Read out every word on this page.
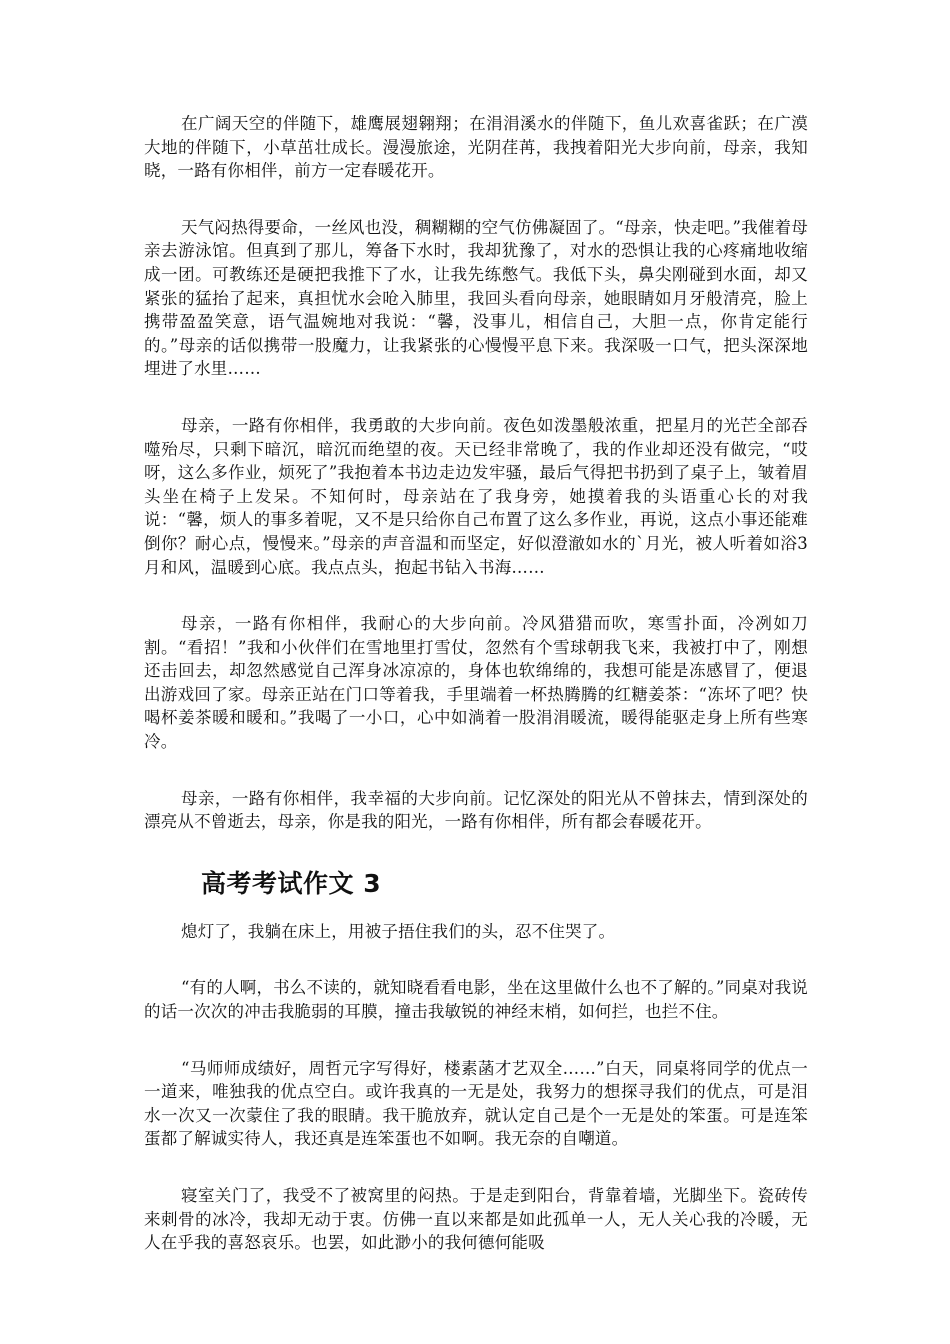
在广阔天空的伴随下，雄鹰展翅翱翔；在涓涓溪水的伴随下，鱼儿欢喜雀跃；在广漠大地的伴随下，小草茁壮成长。漫漫旅途，光阴荏苒，我拽着阳光大步向前，母亲，我知晓，一路有你相伴，前方一定春暖花开。

天气闷热得要命，一丝风也没，稠糊糊的空气仿佛凝固了。“母亲，快走吧。”我催着母亲去游泳馆。但真到了那儿，筹备下水时，我却犹豫了，对水的恐惧让我的心疼痛地收缩成一团。可教练还是硬把我推下了水，让我先练憋气。我低下头，鼻尖刚碰到水面，却又紧张的猛抬了起来，真担忧水会呛入肺里，我回头看向母亲，她眼睛如月牙般清亮，脸上携带盈盈笑意，语气温婉地对我说：“馨，没事儿，相信自己，大胆一点，你肯定能行的。”母亲的话似携带一股魔力，让我紧张的心慢慢平息下来。我深吸一口气，把头深深地埋进了水里……

母亲，一路有你相伴，我勇敢的大步向前。夜色如泼墨般浓重，把星月的光芒全部吞噬殆尽，只剩下暗沉，暗沉而绝望的夜。天已经非常晚了，我的作业却还没有做完，“哎呀，这么多作业，烦死了”我抱着本书边走边发牢骚，最后气得把书扔到了桌子上，皱着眉头坐在椅子上发呆。不知何时，母亲站在了我身旁，她摸着我的头语重心长的对我说：“馨，烦人的事多着呢，又不是只给你自己布置了这么多作业，再说，这点小事还能难倒你？耐心点，慢慢来。”母亲的声音温和而坚定，好似澄澈如水的`月光，被人听着如浴3月和风，温暖到心底。我点点头，抱起书钻入书海……

母亲，一路有你相伴，我耐心的大步向前。冷风猎猎而吹，寒雪扑面，冷冽如刀割。“看招！”我和小伙伴们在雪地里打雪仗，忽然有个雪球朝我飞来，我被打中了，刚想还击回去，却忽然感觉自己浑身冰凉凉的，身体也软绵绵的，我想可能是冻感冒了，便退出游戏回了家。母亲正站在门口等着我，手里端着一杯热腾腾的红糖姜茶：“冻坏了吧？快喝杯姜茶暖和暖和。”我喝了一小口，心中如淌着一股涓涓暖流，暖得能驱走身上所有些寒冷。

母亲，一路有你相伴，我幸福的大步向前。记忆深处的阳光从不曾抹去，情到深处的漂亮从不曾逝去，母亲，你是我的阳光，一路有你相伴，所有都会春暖花开。

高考考试作文 3

熄灯了，我躺在床上，用被子捂住我们的头，忍不住哭了。

“有的人啊，书么不读的，就知晓看看电影，坐在这里做什么也不了解的。”同桌对我说的话一次次的冲击我脆弱的耳膜，撞击我敏锐的神经末梢，如何拦，也拦不住。

“马师师成绩好，周哲元字写得好，楼素菡才艺双全……”白天，同桌将同学的优点一一道来，唯独我的优点空白。或许我真的一无是处，我努力的想探寻我们的优点，可是泪水一次又一次蒙住了我的眼睛。我干脆放弃，就认定自己是个一无是处的笨蛋。可是连笨蛋都了解诚实待人，我还真是连笨蛋也不如啊。我无奈的自嘲道。

寝室关门了，我受不了被窝里的闷热。于是走到阳台，背靠着墙，光脚坐下。瓷砖传来刺骨的冰冷，我却无动于衷。仿佛一直以来都是如此孤单一人，无人关心我的冷暖，无人在乎我的喜怒哀乐。也罢，如此渺小的我何德何能吸
